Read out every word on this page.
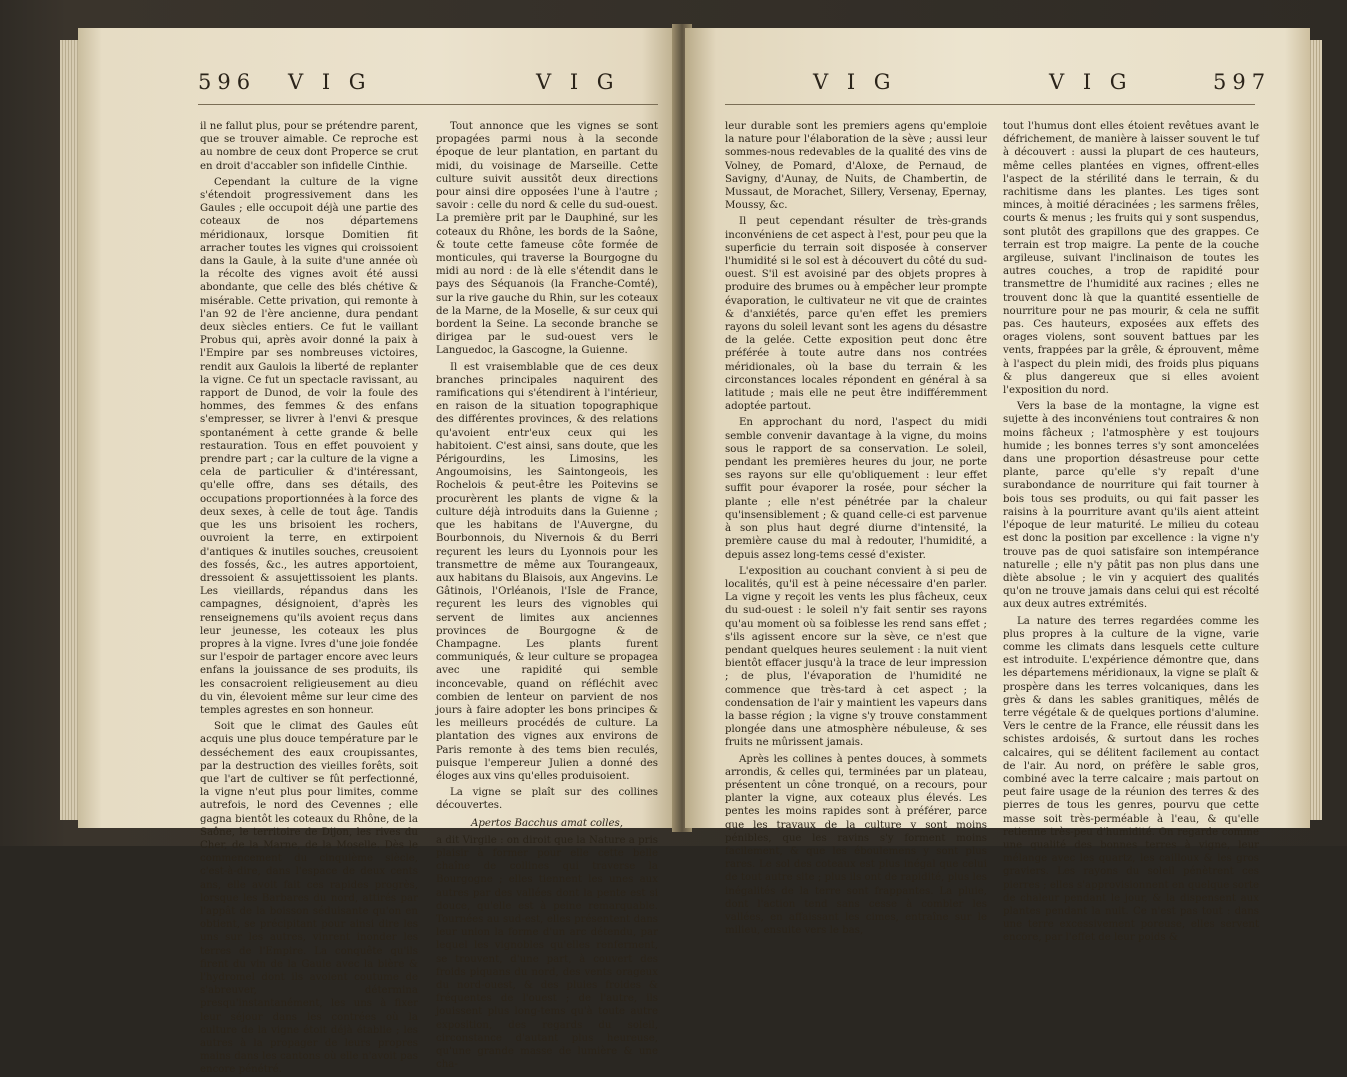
596 V I G	V I G

il ne fallut plus, pour se prétendre parent, que se trouver aimable. Ce reproche est au nombre de ceux dont Properce se crut en droit d'accabler son infidelle Cinthie.

Cependant la culture de la vigne s'étendoit progressivement dans les Gaules ; elle occupoit déjà une partie des coteaux de nos départemens méridionaux, lorsque Domitien fit arracher toutes les vignes qui croissoient dans la Gaule, à la suite d'une année où la récolte des vignes avoit été aussi abondante, que celle des blés chétive & misérable. Cette privation, qui remonte à l'an 92 de l'ère ancienne, dura pendant deux siècles entiers. Ce fut le vaillant Probus qui, après avoir donné la paix à l'Empire par ses nombreuses victoires, rendit aux Gaulois la liberté de replanter la vigne. Ce fut un spectacle ravissant, au rapport de Dunod, de voir la foule des hommes, des femmes & des enfans s'empresser, se livrer à l'envi & presque spontanément à cette grande & belle restauration. Tous en effet pouvoient y prendre part ; car la culture de la vigne a cela de particulier & d'intéressant, qu'elle offre, dans ses détails, des occupations proportionnées à la force des deux sexes, à celle de tout âge. Tandis que les uns brisoient les rochers, ouvroient la terre, en extirpoient d'antiques & inutiles souches, creusoient des fossés, &c., les autres apportoient, dressoient & assujettissoient les plants. Les vieillards, répandus dans les campagnes, désignoient, d'après les renseignemens qu'ils avoient reçus dans leur jeunesse, les coteaux les plus propres à la vigne. Ivres d'une joie fondée sur l'espoir de partager encore avec leurs enfans la jouissance de ses produits, ils les consacroient religieusement au dieu du vin, élevoient même sur leur cime des temples agrestes en son honneur.

Soit que le climat des Gaules eût acquis une plus douce température par le desséchement des eaux croupissantes, par la destruction des vieilles forêts, soit que l'art de cultiver se fût perfectionné, la vigne n'eut plus pour limites, comme autrefois, le nord des Cevennes ; elle gagna bientôt les coteaux du Rhône, de la Saône, le territoire de Dijon, les rives du Cher, de la Marne, de la Moselle. Dès le commencement du cinquième siècle, c'est-à-dire, dans l'espace de deux cents ans, elle avoit fait ces rapides progrès, lorsque les Barbares du nord, attirés par l'appât de la boisson séduisante qu'on en obtient, se précipitant pour ainsi dire les uns sur les autres, vinrent inonder les terres de l'Empire. La conquête qu'ils firent du vin de la Gaule avec la bière & l'hydromel dont ils avoient coutume de s'abreuver, détermina presqu'instantanément, les uns à fixer leur séjour dans les contrées où la culture de la vigne étoit déjà établie ; les autres à la propager de leurs propres mains dans les cantons où elle n'avoit pas encore pénétré.

Tout annonce que les vignes se sont propagées parmi nous à la seconde époque de leur plantation, en partant du midi, du voisinage de Marseille. Cette culture suivit aussitôt deux directions pour ainsi dire opposées l'une à l'autre ; savoir : celle du nord & celle du sud-ouest. La première prit par le Dauphiné, sur les coteaux du Rhône, les bords de la Saône, & toute cette fameuse côte formée de monticules, qui traverse la Bourgogne du midi au nord : de là elle s'étendit dans le pays des Séquanois (la Franche-Comté), sur la rive gauche du Rhin, sur les coteaux de la Marne, de la Moselle, & sur ceux qui bordent la Seine. La seconde branche se dirigea par le sud-ouest vers le Languedoc, la Gascogne, la Guienne.

Il est vraisemblable que de ces deux branches principales naquirent des ramifications qui s'étendirent à l'intérieur, en raison de la situation topographique des différentes provinces, & des relations qu'avoient entr'eux ceux qui les habitoient. C'est ainsi, sans doute, que les Périgourdins, les Limosins, les Angoumoisins, les Saintongeois, les Rochelois & peut-être les Poitevins se procurèrent les plants de vigne & la culture déjà introduits dans la Guienne ; que les habitans de l'Auvergne, du Bourbonnois, du Nivernois & du Berri reçurent les leurs du Lyonnois pour les transmettre de même aux Tourangeaux, aux habitans du Blaisois, aux Angevins. Le Gâtinois, l'Orléanois, l'Isle de France, reçurent les leurs des vignobles qui servent de limites aux anciennes provinces de Bourgogne & de Champagne. Les plants furent communiqués, & leur culture se propagea avec une rapidité qui semble inconcevable, quand on réfléchit avec combien de lenteur on parvient de nos jours à faire adopter les bons principes & les meilleurs procédés de culture. La plantation des vignes aux environs de Paris remonte à des tems bien reculés, puisque l'empereur Julien a donné des éloges aux vins qu'elles produisoient.

La vigne se plaît sur des collines découvertes.

Apertos Bacchus amat colles,

a dit Virgile : on diroit que la Nature a pris plaisir à former pour elle cette belle chaîne de collines qui traverse la Bourgogne ; elles tiennent les unes aux autres par des vallées dont la pente est si douce, qu'elle est à peine remarquable. Tournées au sud-est, elles présentent dans leur union la forme d'un arc détendu, par lequel les vignobles qu'elles renferment, se trouvent, d'une part, à couvert des froids piquans du nord, des vents orageux du nord-ouest, & des pluies froides & fréquentes de l'ouest ; de l'autre, ils jouissent plus long-tems qu'à toute autre exposition, des regards du soleil, circonstance d'autant plus heureuse, qu'une grande masse de lumière & une cha-

V I G	V I G	597

leur durable sont les premiers agens qu'emploie la nature pour l'élaboration de la sève ; aussi leur sommes-nous redevables de la qualité des vins de Volney, de Pomard, d'Aloxe, de Pernaud, de Savigny, d'Aunay, de Nuits, de Chambertin, de Mussaut, de Morachet, Sillery, Versenay, Epernay, Moussy, &c.

Il peut cependant résulter de très-grands inconvéniens de cet aspect à l'est, pour peu que la superficie du terrain soit disposée à conserver l'humidité si le sol est à découvert du côté du sud-ouest. S'il est avoisiné par des objets propres à produire des brumes ou à empêcher leur prompte évaporation, le cultivateur ne vit que de craintes & d'anxiétés, parce qu'en effet les premiers rayons du soleil levant sont les agens du désastre de la gelée. Cette exposition peut donc être préférée à toute autre dans nos contrées méridionales, où la base du terrain & les circonstances locales répondent en général à sa latitude ; mais elle ne peut être indifféremment adoptée partout.

En approchant du nord, l'aspect du midi semble convenir davantage à la vigne, du moins sous le rapport de sa conservation. Le soleil, pendant les premières heures du jour, ne porte ses rayons sur elle qu'obliquement : leur effet suffit pour évaporer la rosée, pour sécher la plante ; elle n'est pénétrée par la chaleur qu'insensiblement ; & quand celle-ci est parvenue à son plus haut degré diurne d'intensité, la première cause du mal à redouter, l'humidité, a depuis assez long-tems cessé d'exister.

L'exposition au couchant convient à si peu de localités, qu'il est à peine nécessaire d'en parler. La vigne y reçoit les vents les plus fâcheux, ceux du sud-ouest : le soleil n'y fait sentir ses rayons qu'au moment où sa foiblesse les rend sans effet ; s'ils agissent encore sur la sève, ce n'est que pendant quelques heures seulement : la nuit vient bientôt effacer jusqu'à la trace de leur impression ; de plus, l'évaporation de l'humidité ne commence que très-tard à cet aspect ; la condensation de l'air y maintient les vapeurs dans la basse région ; la vigne s'y trouve constamment plongée dans une atmosphère nébuleuse, & ses fruits ne mûrissent jamais.

Après les collines à pentes douces, à sommets arrondis, & celles qui, terminées par un plateau, présentent un cône tronqué, on a recours, pour planter la vigne, aux coteaux plus élevés. Les pentes les moins rapides sont à préférer, parce que les travaux de la culture y sont moins pénibles, que les ravins s'y forment moins facilement, & que les éboulemens y sont plus rares. Le sol des coteaux est plus inégal que celui de tout autre site ; plus ils ont de rapidité, plus les inégalités de la terre sont frappantes. La pluie, dont l'action tend sans cesse à combler les vallées, en affaissant les cimes, entraîne sur le milieu, ensuite vers le bas,

tout l'humus dont elles étoient revêtues avant le défrichement, de manière à laisser souvent le tuf à découvert : aussi la plupart de ces hauteurs, même celles plantées en vignes, offrent-elles l'aspect de la stérilité dans le terrain, & du rachitisme dans les plantes. Les tiges sont minces, à moitié déracinées ; les sarmens frêles, courts & menus ; les fruits qui y sont suspendus, sont plutôt des grapillons que des grappes. Ce terrain est trop maigre. La pente de la couche argileuse, suivant l'inclinaison de toutes les autres couches, a trop de rapidité pour transmettre de l'humidité aux racines ; elles ne trouvent donc là que la quantité essentielle de nourriture pour ne pas mourir, & cela ne suffit pas. Ces hauteurs, exposées aux effets des orages violens, sont souvent battues par les vents, frappées par la grêle, & éprouvent, même à l'aspect du plein midi, des froids plus piquans & plus dangereux que si elles avoient l'exposition du nord.

Vers la base de la montagne, la vigne est sujette à des inconvéniens tout contraires & non moins fâcheux ; l'atmosphère y est toujours humide ; les bonnes terres s'y sont amoncelées dans une proportion désastreuse pour cette plante, parce qu'elle s'y repaît d'une surabondance de nourriture qui fait tourner à bois tous ses produits, ou qui fait passer les raisins à la pourriture avant qu'ils aient atteint l'époque de leur maturité. Le milieu du coteau est donc la position par excellence : la vigne n'y trouve pas de quoi satisfaire son intempérance naturelle ; elle n'y pâtit pas non plus dans une diète absolue ; le vin y acquiert des qualités qu'on ne trouve jamais dans celui qui est récolté aux deux autres extrémités.

La nature des terres regardées comme les plus propres à la culture de la vigne, varie comme les climats dans lesquels cette culture est introduite. L'expérience démontre que, dans les départemens méridionaux, la vigne se plaît & prospère dans les terres volcaniques, dans les grès & dans les sables granitiques, mêlés de terre végétale & de quelques portions d'alumine. Vers le centre de la France, elle réussit dans les schistes ardoisés, & surtout dans les roches calcaires, qui se délitent facilement au contact de l'air. Au nord, on préfère le sable gros, combiné avec la terre calcaire ; mais partout on peut faire usage de la réunion des terres & des pierres de tous les genres, pourvu que cette masse soit très-perméable à l'eau, & qu'elle retienne très-peu d'humidité. On regarde comme une qualité des bonnes terres à vigne, leur mélange avec les quartz, les cailloux & les gros graviers. Les rayons du soleil pénètrent ces pierres ; elles s'approvisionnent en quelque sorte de chaleur pendant le jour, & la dispensent aux plantes pendant la nuit. Ce n'est pas tout : dans une terre excessivement poreuse, elles servent encore, par l'effet de leur poids &
